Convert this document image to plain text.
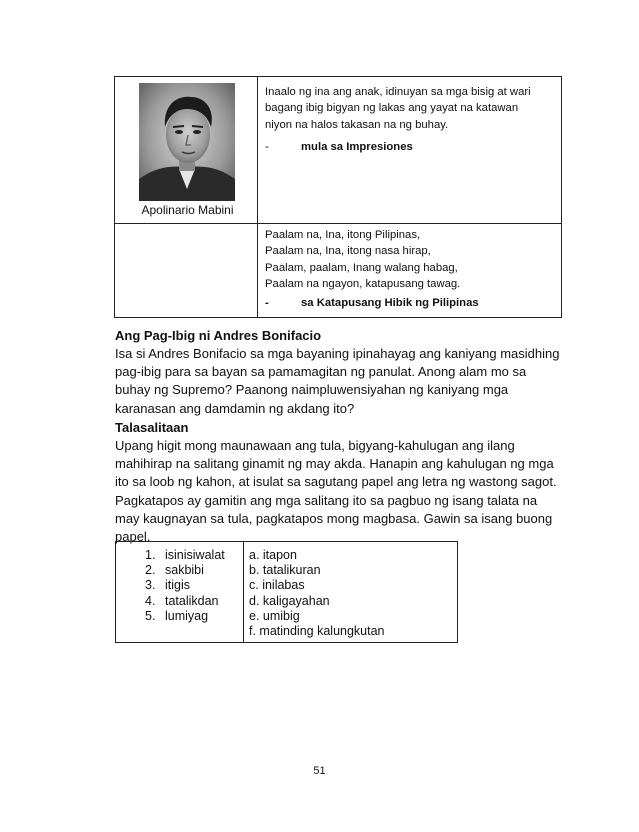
Apolinario Mabini
Inaalo ng ina ang anak, idinuyan sa mga bisig at wari
bagang ibig bigyan ng lakas ang yayat na katawan
niyon na halos takasan na ng buhay.
-	mula sa Impresiones
Paalam na, Ina, itong Pilipinas,
Paalam na, Ina, itong nasa hirap,
Paalam, paalam, Inang walang habag,
Paalam na ngayon, katapusang tawag.
-	sa Katapusang Hibik ng Pilipinas
Ang Pag-Ibig ni Andres Bonifacio
Isa si Andres Bonifacio sa mga bayaning ipinahayag ang kaniyang masidhing
pag-ibig para sa bayan sa pamamagitan ng panulat. Anong alam mo sa
buhay ng Supremo? Paanong naimpluwensiyahan ng kaniyang mga
karanasan ang damdamin ng akdang ito?
Talasalitaan
Upang higit mong maunawaan ang tula, bigyang-kahulugan ang ilang
mahihirap na salitang ginamit ng may akda. Hanapin ang kahulugan ng mga
ito sa loob ng kahon, at isulat sa sagutang papel ang letra ng wastong sagot.
Pagkatapos ay gamitin ang mga salitang ito sa pagbuo ng isang talata na
may kaugnayan sa tula, pagkatapos mong magbasa. Gawin sa isang buong
papel.
1. isinisiwalat
2. sakbibi
3. itigis
4. tatalikdan
5. lumiyag
a. itapon
b. tatalikuran
c. inilabas
d. kaligayahan
e. umibig
f. matinding kalungkutan
51
